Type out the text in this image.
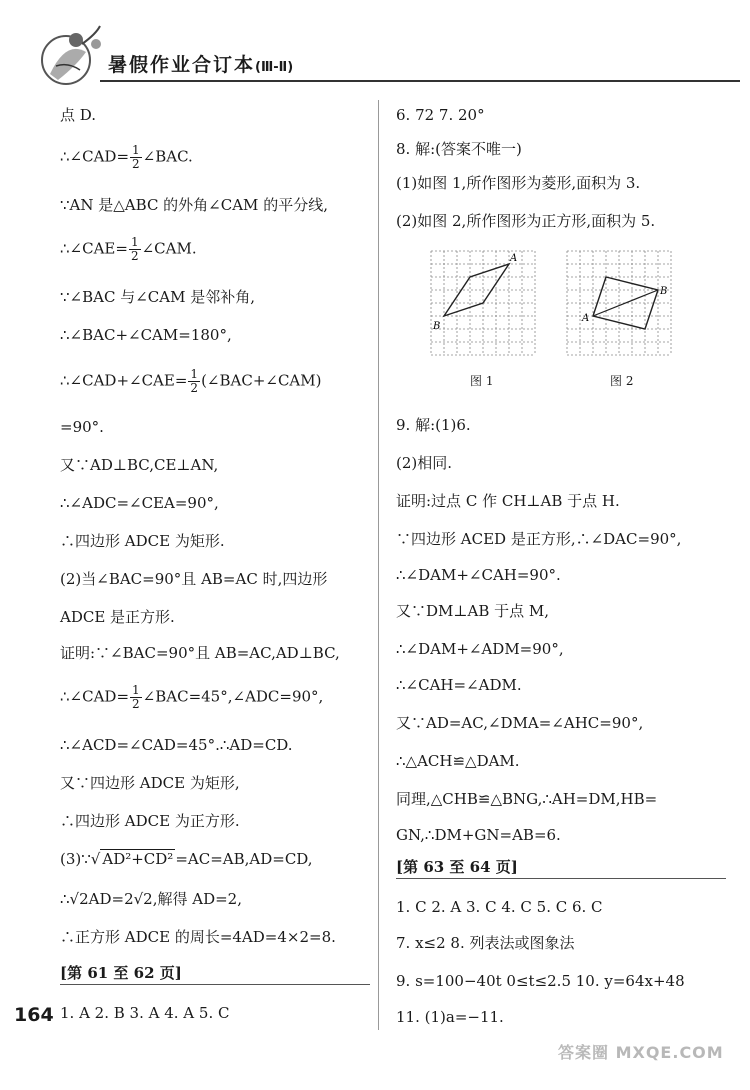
暑假作业合订本(Ⅲ-Ⅱ)
点 D.
∴∠CAD= $\frac{1}{2}$ ∠BAC.
∵AN 是△ABC 的外角∠CAM 的平分线,
∴∠CAE= $\frac{1}{2}$ ∠CAM.
∵∠BAC 与∠CAM 是邻补角,
∴∠BAC+∠CAM=180°,
∴∠CAD+∠CAE= $\frac{1}{2}$ (∠BAC+∠CAM)
=90°.
又∵AD⊥BC,CE⊥AN,
∴∠ADC=∠CEA=90°,
∴四边形 ADCE 为矩形.
(2)当∠BAC=90°且 AB=AC 时,四边形
ADCE 是正方形.
证明:∵∠BAC=90°且 AB=AC,AD⊥BC,
∴∠CAD= $\frac{1}{2}$ ∠BAC=45°,∠ADC=90°,
∴∠ACD=∠CAD=45°.∴AD=CD.
又∵四边形 ADCE 为矩形,
∴四边形 ADCE 为正方形.
(3)∵√ AD²+CD² =AC=AB,AD=CD,
∴√2AD=2√2,解得 AD=2,
∴正方形 ADCE 的周长=4AD=4×2=8.
[第 61 至 62 页]
1. A 2. B 3. A 4. A 5. C
164
6. 72 7. 20°
8. 解:(答案不唯一)
(1)如图 1,所作图形为菱形,面积为 3.
(2)如图 2,所作图形为正方形,面积为 5.
B
A
图 1
A
B
图 2
9. 解:(1)6.
(2)相同.
证明:过点 C 作 CH⊥AB 于点 H.
∵四边形 ACED 是正方形,∴∠DAC=90°,
∴∠DAM+∠CAH=90°.
又∵DM⊥AB 于点 M,
∴∠DAM+∠ADM=90°,
∴∠CAH=∠ADM.
又∵AD=AC,∠DMA=∠AHC=90°,
∴△ACH≌△DAM.
同理,△CHB≌△BNG,∴AH=DM,HB=
GN,∴DM+GN=AB=6.
[第 63 至 64 页]
1. C 2. A 3. C 4. C 5. C 6. C
7. x≤2 8. 列表法或图象法
9. s=100−40t 0≤t≤2.5 10. y=64x+48
11. (1)a=−11.
答案圈 MXQE.COM
